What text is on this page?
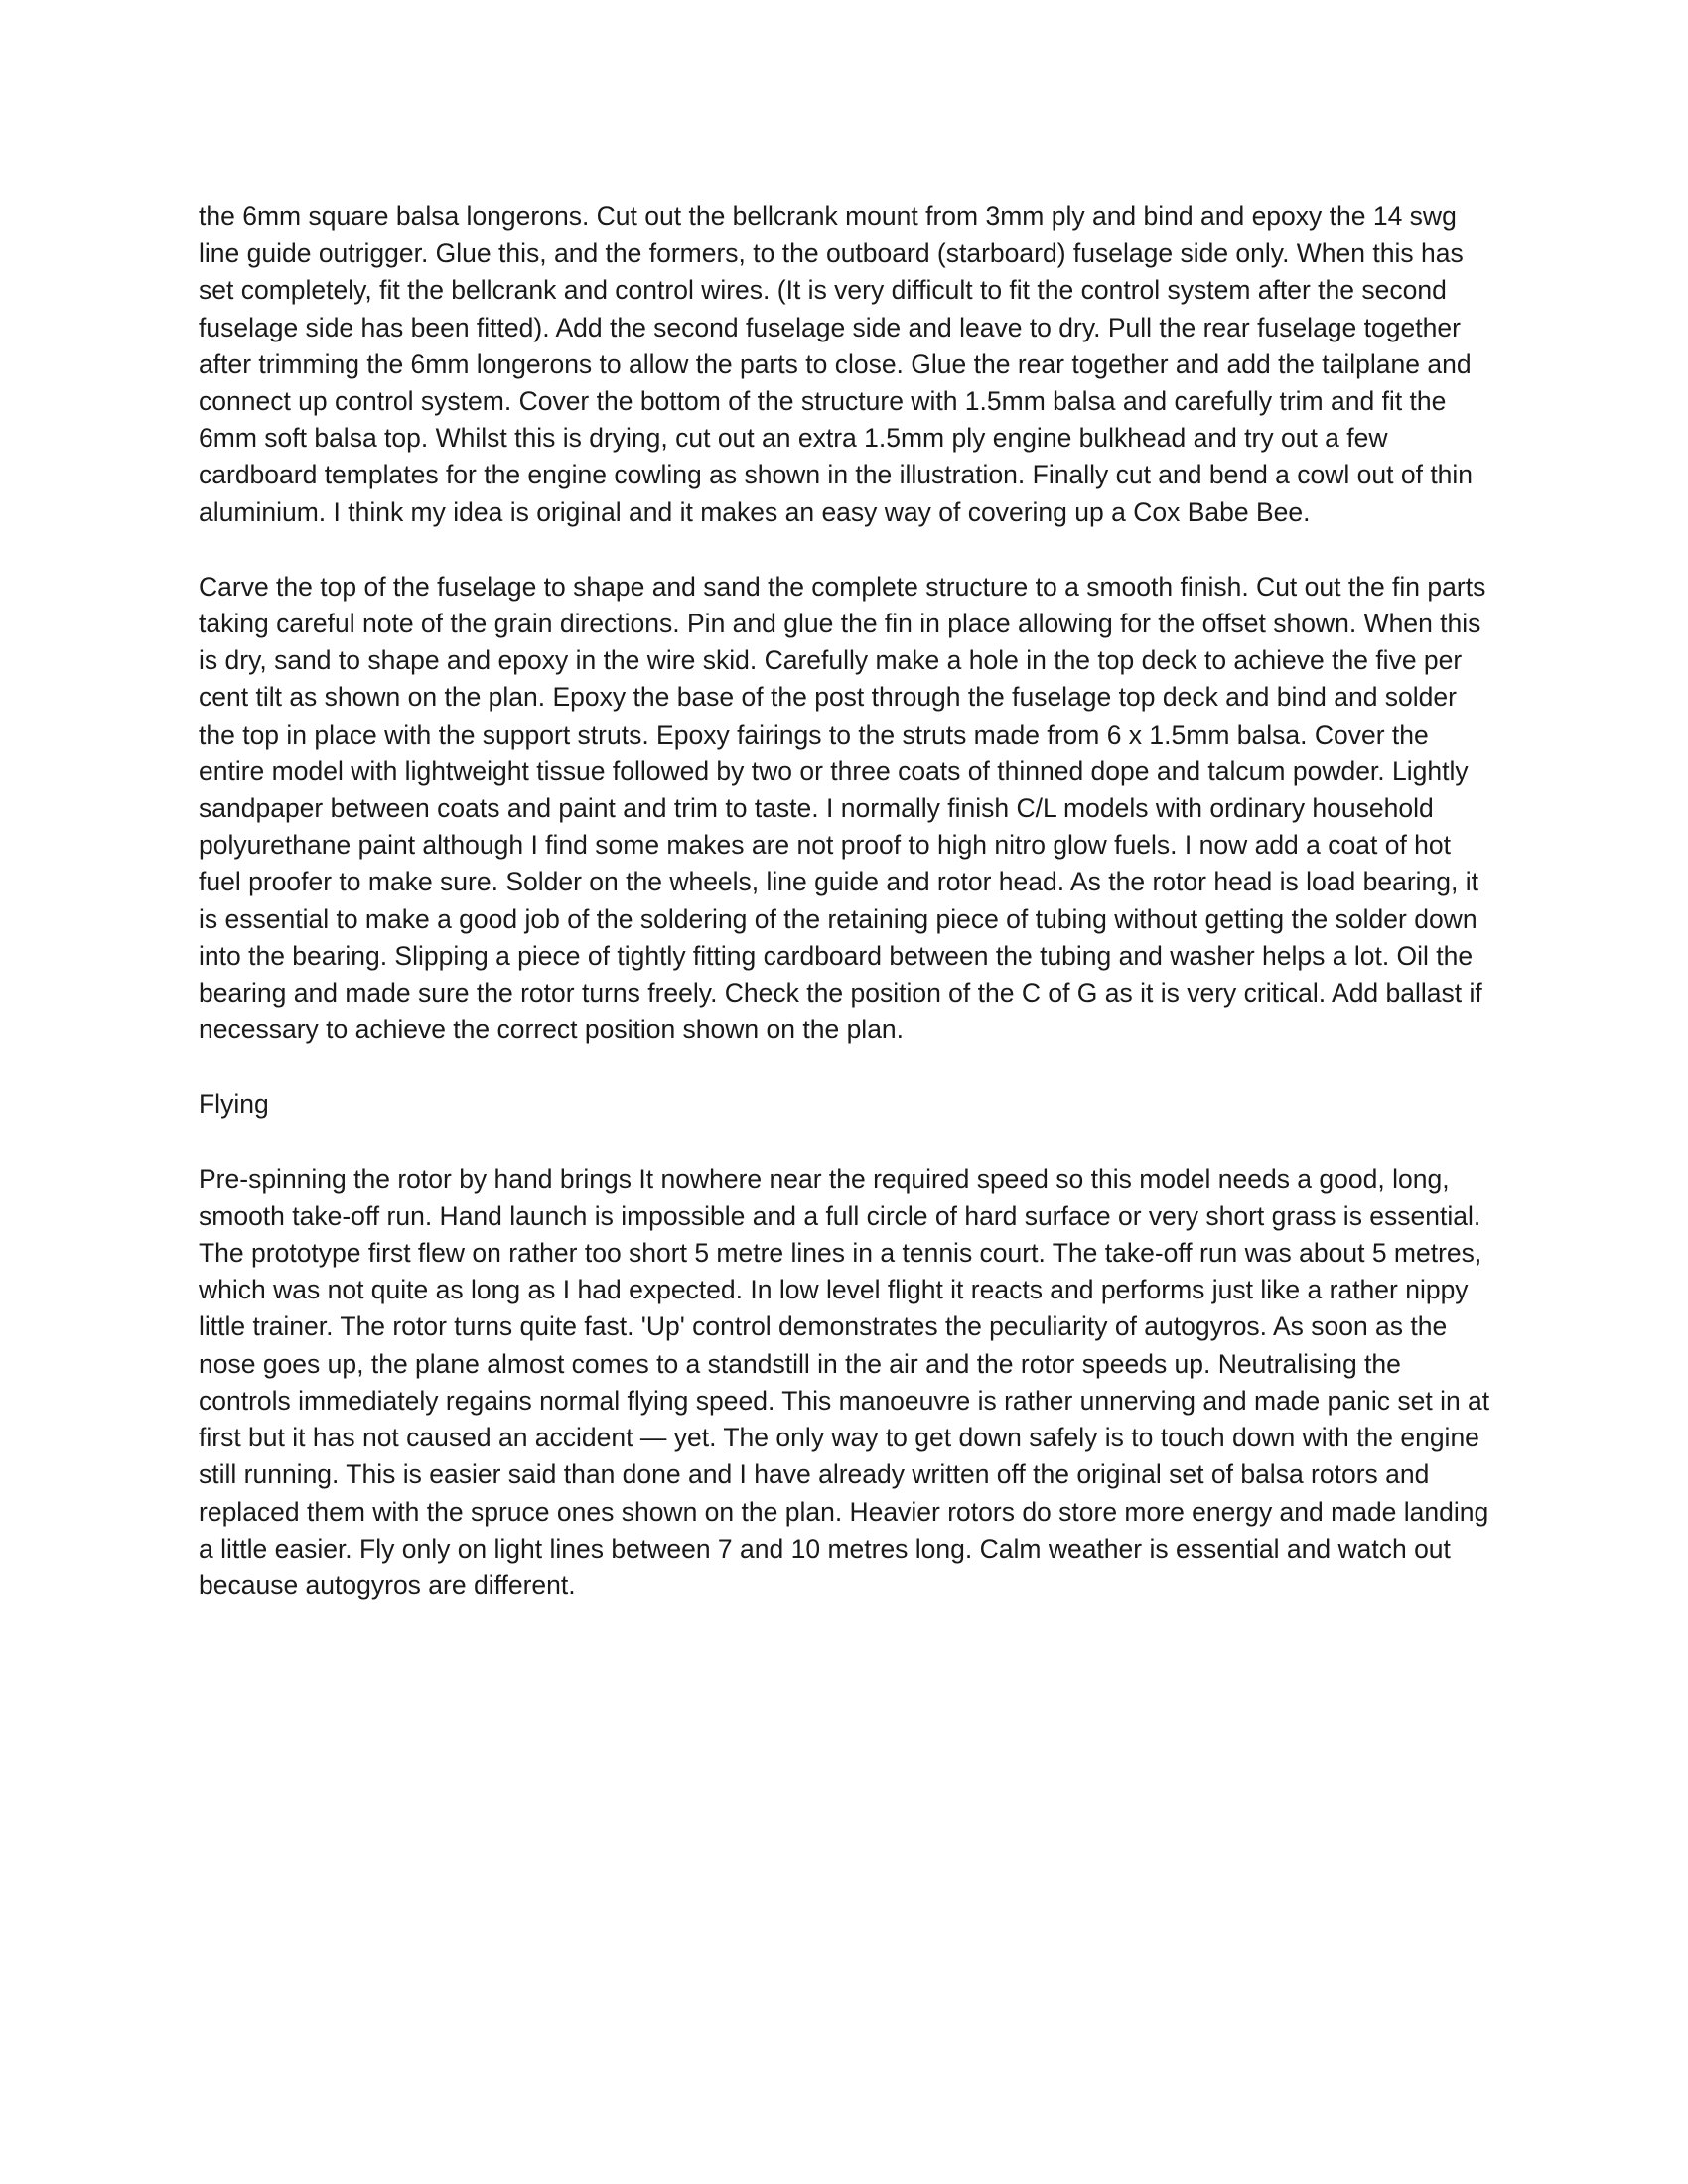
the 6mm square balsa longerons. Cut out the bellcrank mount from 3mm ply and bind and epoxy the 14 swg line guide outrigger. Glue this, and the formers, to the outboard (starboard) fuselage side only. When this has set completely, fit the bellcrank and control wires. (It is very difficult to fit the control system after the second fuselage side has been fitted). Add the second fuselage side and leave to dry. Pull the rear fuselage together after trimming the 6mm longerons to allow the parts to close. Glue the rear together and add the tailplane and connect up control system. Cover the bottom of the structure with 1.5mm balsa and carefully trim and fit the 6mm soft balsa top. Whilst this is drying, cut out an extra 1.5mm ply engine bulkhead and try out a few cardboard templates for the engine cowling as shown in the illustration. Finally cut and bend a cowl out of thin aluminium. I think my idea is original and it makes an easy way of covering up a Cox Babe Bee.

Carve the top of the fuselage to shape and sand the complete structure to a smooth finish. Cut out the fin parts taking careful note of the grain directions. Pin and glue the fin in place allowing for the offset shown. When this is dry, sand to shape and epoxy in the wire skid. Carefully make a hole in the top deck to achieve the five per cent tilt as shown on the plan. Epoxy the base of the post through the fuselage top deck and bind and solder the top in place with the support struts. Epoxy fairings to the struts made from 6 x 1.5mm balsa. Cover the entire model with lightweight tissue followed by two or three coats of thinned dope and talcum powder. Lightly sandpaper between coats and paint and trim to taste. I normally finish C/L models with ordinary household polyurethane paint although I find some makes are not proof to high nitro glow fuels. I now add a coat of hot fuel proofer to make sure. Solder on the wheels, line guide and rotor head. As the rotor head is load bearing, it is essential to make a good job of the soldering of the retaining piece of tubing without getting the solder down into the bearing. Slipping a piece of tightly fitting cardboard between the tubing and washer helps a lot. Oil the bearing and made sure the rotor turns freely. Check the position of the C of G as it is very critical. Add ballast if necessary to achieve the correct position shown on the plan.

Flying

Pre-spinning the rotor by hand brings It nowhere near the required speed so this model needs a good, long, smooth take-off run. Hand launch is impossible and a full circle of hard surface or very short grass is essential. The prototype first flew on rather too short 5 metre lines in a tennis court. The take-off run was about 5 metres, which was not quite as long as I had expected. In low level flight it reacts and performs just like a rather nippy little trainer. The rotor turns quite fast. 'Up' control demonstrates the peculiarity of autogyros. As soon as the nose goes up, the plane almost comes to a standstill in the air and the rotor speeds up. Neutralising the controls immediately regains normal flying speed. This manoeuvre is rather unnerving and made panic set in at first but it has not caused an accident — yet. The only way to get down safely is to touch down with the engine still running. This is easier said than done and I have already written off the original set of balsa rotors and replaced them with the spruce ones shown on the plan. Heavier rotors do store more energy and made landing a little easier. Fly only on light lines between 7 and 10 metres long. Calm weather is essential and watch out because autogyros are different.
